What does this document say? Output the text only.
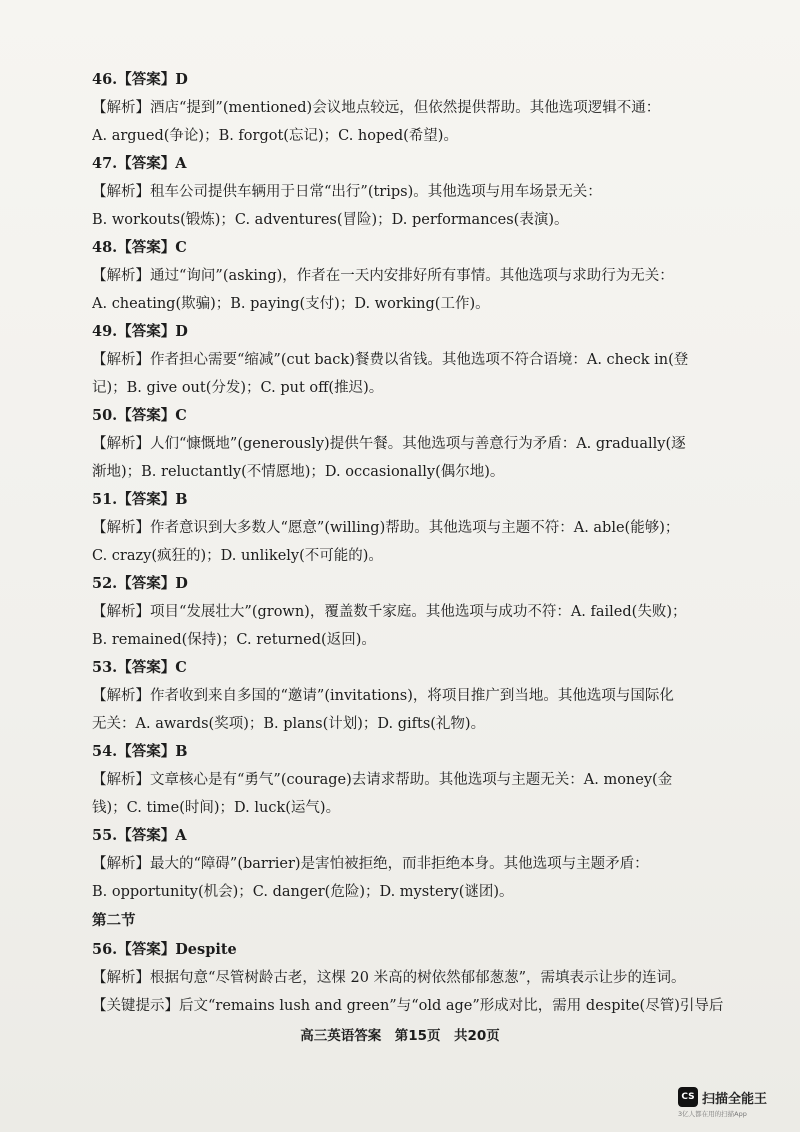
46.【答案】D
【解析】酒店“提到”(mentioned)会议地点较远，但依然提供帮助。其他选项逻辑不通：
A. argued(争论)；B. forgot(忘记)；C. hoped(希望)。
47.【答案】A
【解析】租车公司提供车辆用于日常“出行”(trips)。其他选项与用车场景无关：
B. workouts(锻炼)；C. adventures(冒险)；D. performances(表演)。
48.【答案】C
【解析】通过“询问”(asking)，作者在一天内安排好所有事情。其他选项与求助行为无关：
A. cheating(欺骗)；B. paying(支付)；D. working(工作)。
49.【答案】D
【解析】作者担心需要“缩减”(cut back)餐费以省钱。其他选项不符合语境：A. check in(登
记)；B. give out(分发)；C. put off(推迟)。
50.【答案】C
【解析】人们“慷慨地”(generously)提供午餐。其他选项与善意行为矛盾：A. gradually(逐
渐地)；B. reluctantly(不情愿地)；D. occasionally(偶尔地)。
51.【答案】B
【解析】作者意识到大多数人“愿意”(willing)帮助。其他选项与主题不符：A. able(能够)；
C. crazy(疯狂的)；D. unlikely(不可能的)。
52.【答案】D
【解析】项目“发展壮大”(grown)，覆盖数千家庭。其他选项与成功不符：A. failed(失败)；
B. remained(保持)；C. returned(返回)。
53.【答案】C
【解析】作者收到来自多国的“邀请”(invitations)，将项目推广到当地。其他选项与国际化
无关：A. awards(奖项)；B. plans(计划)；D. gifts(礼物)。
54.【答案】B
【解析】文章核心是有“勇气”(courage)去请求帮助。其他选项与主题无关：A. money(金
钱)；C. time(时间)；D. luck(运气)。
55.【答案】A
【解析】最大的“障碍”(barrier)是害怕被拒绝，而非拒绝本身。其他选项与主题矛盾：
B. opportunity(机会)；C. danger(危险)；D. mystery(谜团)。
第二节
56.【答案】Despite
【解析】根据句意“尽管树龄古老，这棵 20 米高的树依然郁郁葱葱”，需填表示让步的连词。
【关键提示】后文“remains lush and green”与“old age”形成对比，需用 despite(尽管)引导后
高三英语答案　第15页　共20页
CS 扫描全能王
3亿人都在用的扫描App
